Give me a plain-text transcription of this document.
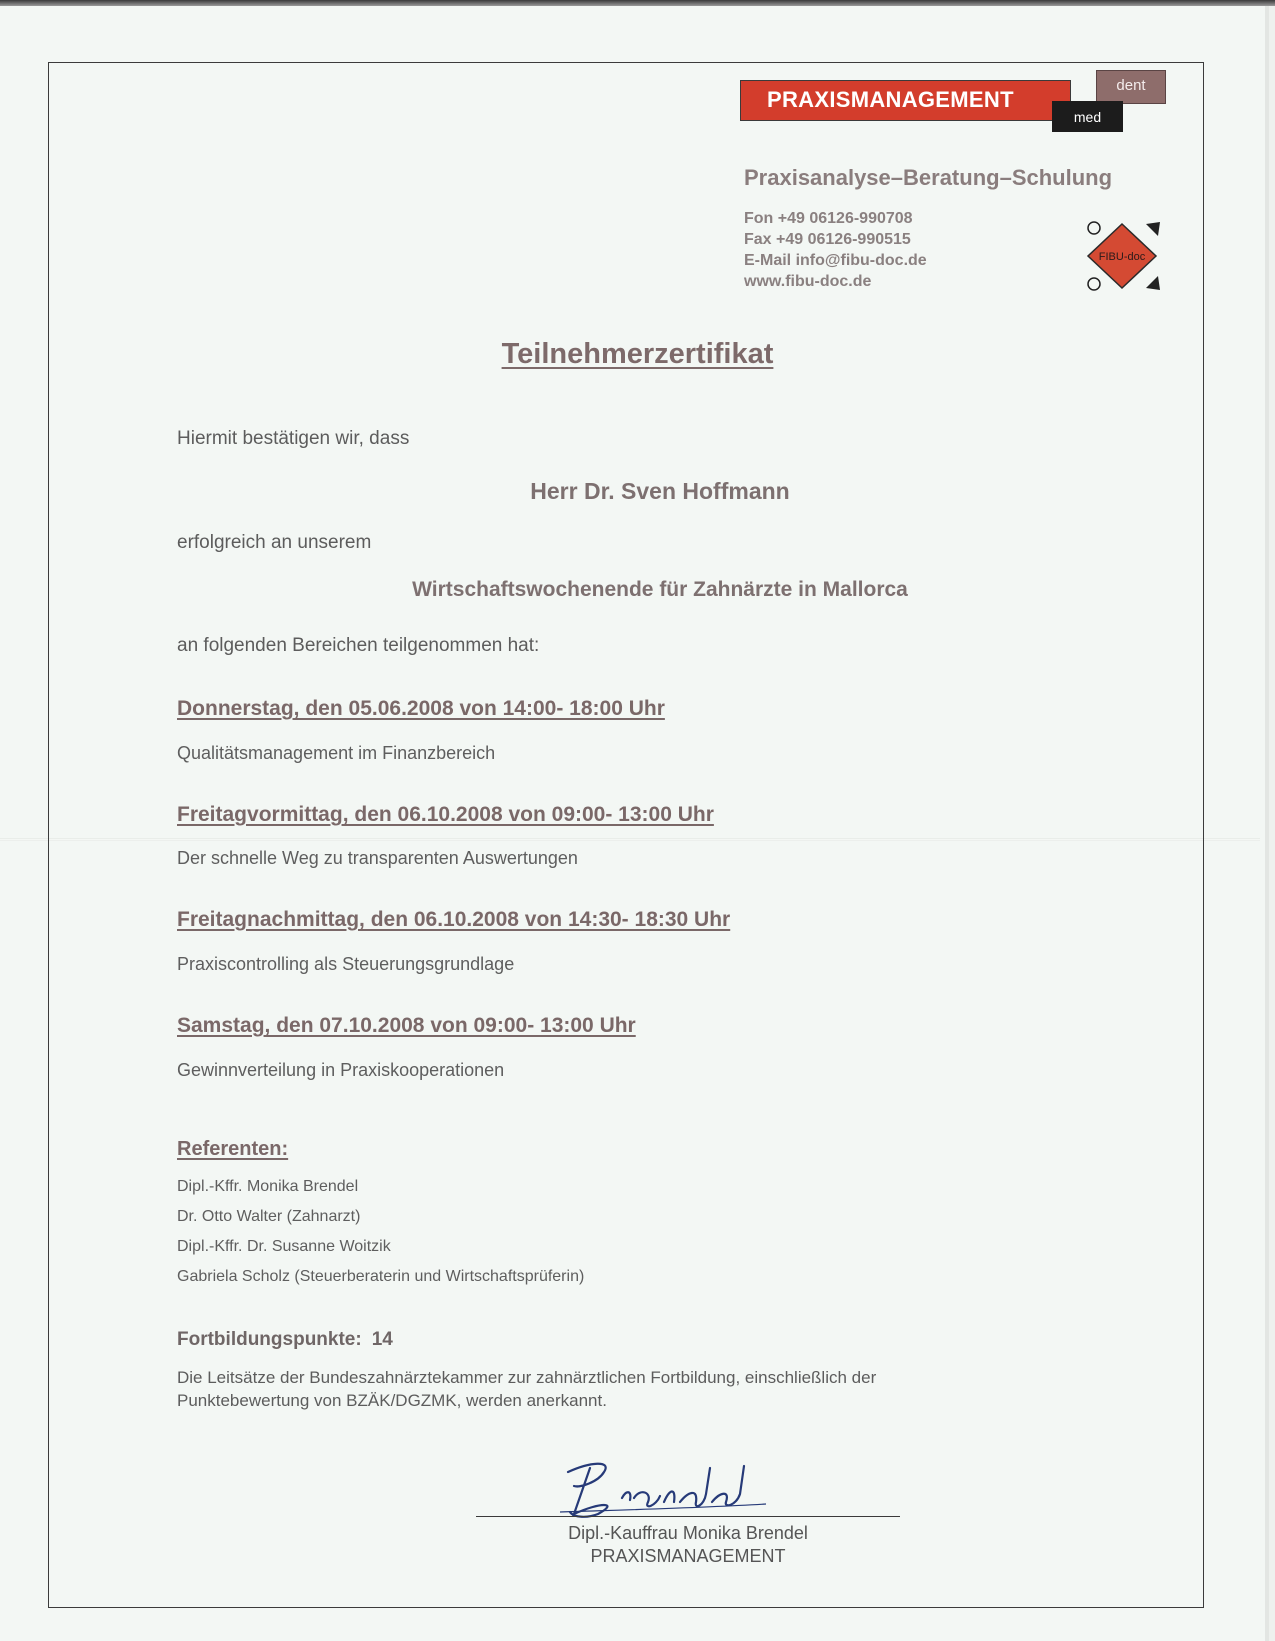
dent
PRAXISMANAGEMENT
med
Praxisanalyse–Beratung–Schulung
Fon +49 06126-990708
Fax +49 06126-990515
E-Mail info@fibu-doc.de
www.fibu-doc.de
FIBU-doc
Teilnehmerzertifikat
Hiermit bestätigen wir, dass
Herr Dr. Sven Hoffmann
erfolgreich an unserem
Wirtschaftswochenende für Zahnärzte in Mallorca
an folgenden Bereichen teilgenommen hat:
Donnerstag, den 05.06.2008 von 14:00- 18:00 Uhr
Qualitätsmanagement im Finanzbereich
Freitagvormittag, den 06.10.2008 von 09:00- 13:00 Uhr
Der schnelle Weg zu transparenten Auswertungen
Freitagnachmittag, den 06.10.2008 von 14:30- 18:30 Uhr
Praxiscontrolling als Steuerungsgrundlage
Samstag, den 07.10.2008 von 09:00- 13:00 Uhr
Gewinnverteilung in Praxiskooperationen
Referenten:
Dipl.-Kffr. Monika Brendel
Dr. Otto Walter (Zahnarzt)
Dipl.-Kffr. Dr. Susanne Woitzik
Gabriela Scholz (Steuerberaterin und Wirtschaftsprüferin)
Fortbildungspunkte: 14
Die Leitsätze der Bundeszahnärztekammer zur zahnärztlichen Fortbildung, einschließlich der
Punktebewertung von BZÄK/DGZMK, werden anerkannt.
Dipl.-Kauffrau Monika Brendel
PRAXISMANAGEMENT
